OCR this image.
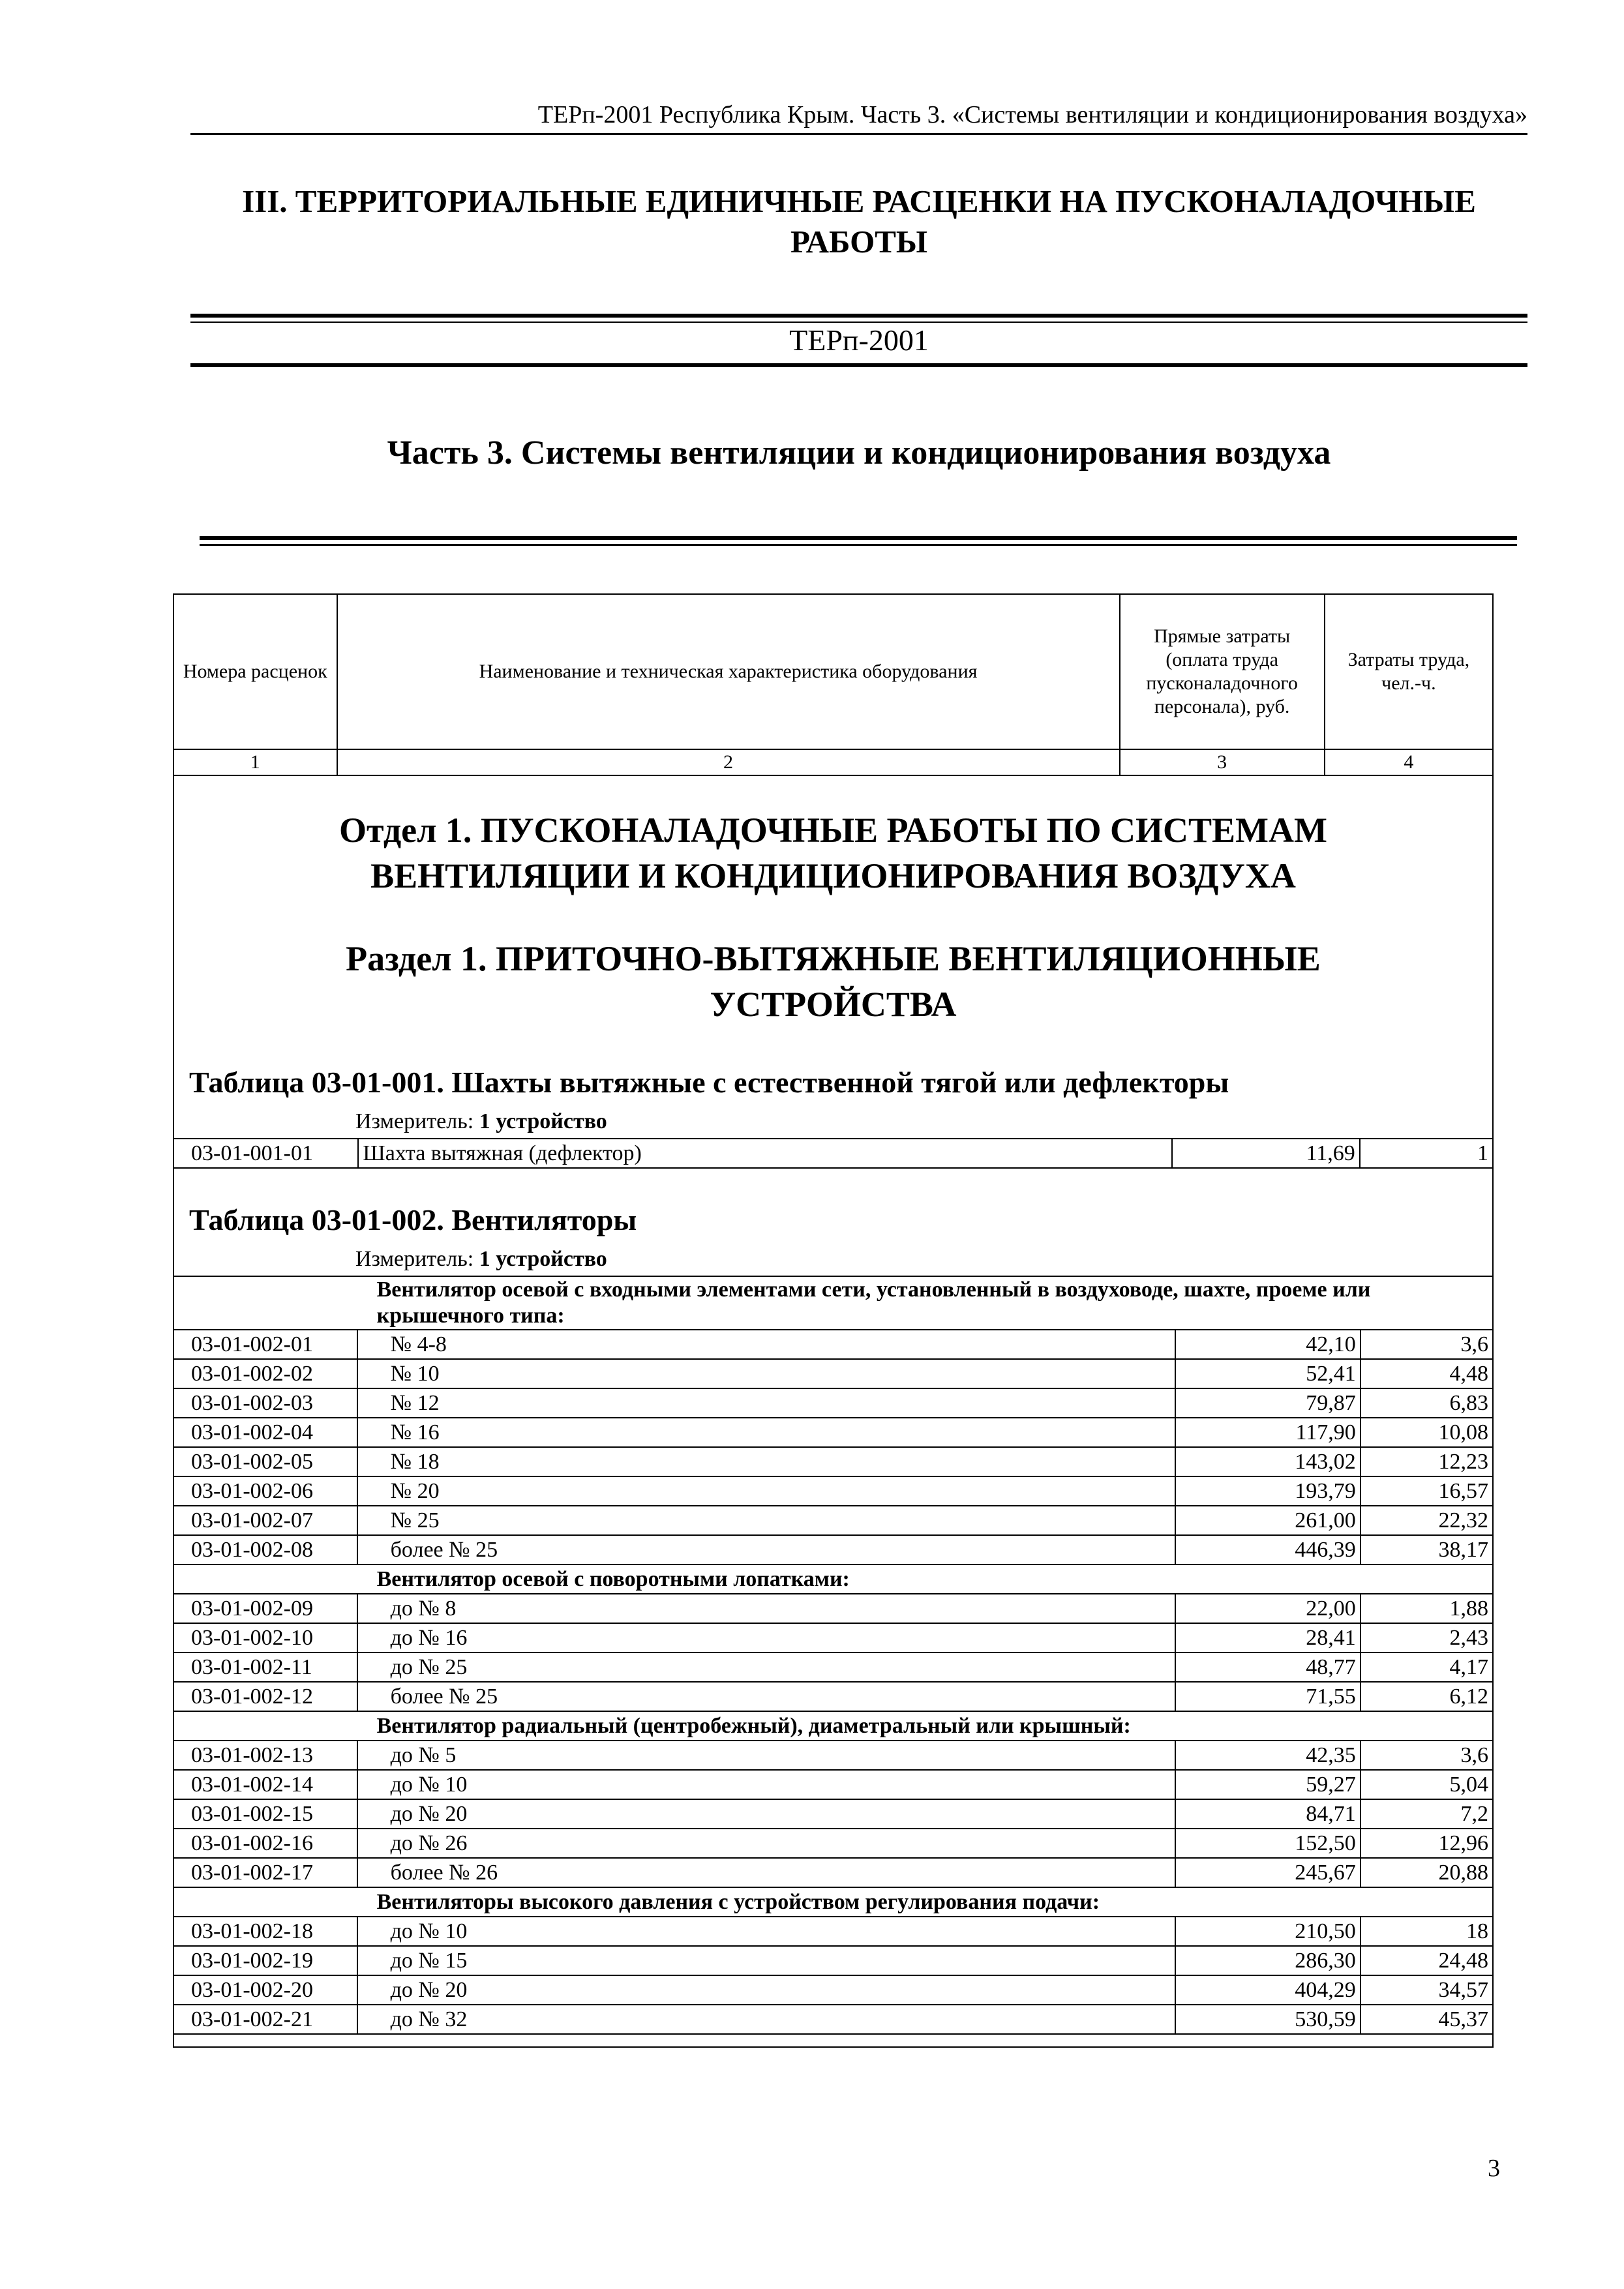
ТЕРп-2001 Республика Крым. Часть 3. «Системы вентиляции и кондиционирования воздуха»
III. ТЕРРИТОРИАЛЬНЫЕ ЕДИНИЧНЫЕ РАСЦЕНКИ НА ПУСКОНАЛАДОЧНЫЕ
РАБОТЫ
ТЕРп-2001
Часть 3. Системы вентиляции и кондиционирования воздуха
Номера расценок	Наименование и техническая характеристика оборудования	Прямые затраты (оплата труда пусконаладочного персонала), руб.	Затраты труда, чел.-ч.
1	2	3	4
Отдел 1. ПУСКОНАЛАДОЧНЫЕ РАБОТЫ ПО СИСТЕМАМ
ВЕНТИЛЯЦИИ И КОНДИЦИОНИРОВАНИЯ ВОЗДУХА
Раздел 1. ПРИТОЧНО-ВЫТЯЖНЫЕ ВЕНТИЛЯЦИОННЫЕ
УСТРОЙСТВА
Таблица 03-01-001. Шахты вытяжные с естественной тягой или дефлекторы
Измеритель: 1 устройство
03-01-001-01	Шахта вытяжная (дефлектор)	11,69	1
Таблица 03-01-002. Вентиляторы
Измеритель: 1 устройство
	Вентилятор осевой с входными элементами сети, установленный в воздуховоде, шахте, проеме или крышечного типа:		
03-01-002-01	№ 4-8	42,10	3,6
03-01-002-02	№ 10	52,41	4,48
03-01-002-03	№ 12	79,87	6,83
03-01-002-04	№ 16	117,90	10,08
03-01-002-05	№ 18	143,02	12,23
03-01-002-06	№ 20	193,79	16,57
03-01-002-07	№ 25	261,00	22,32
03-01-002-08	более № 25	446,39	38,17
	Вентилятор осевой с поворотными лопатками:		
03-01-002-09	до № 8	22,00	1,88
03-01-002-10	до № 16	28,41	2,43
03-01-002-11	до № 25	48,77	4,17
03-01-002-12	более № 25	71,55	6,12
	Вентилятор радиальный (центробежный), диаметральный или крышный:		
03-01-002-13	до № 5	42,35	3,6
03-01-002-14	до № 10	59,27	5,04
03-01-002-15	до № 20	84,71	7,2
03-01-002-16	до № 26	152,50	12,96
03-01-002-17	более № 26	245,67	20,88
	Вентиляторы высокого давления с устройством регулирования подачи:		
03-01-002-18	до № 10	210,50	18
03-01-002-19	до № 15	286,30	24,48
03-01-002-20	до № 20	404,29	34,57
03-01-002-21	до № 32	530,59	45,37
3
